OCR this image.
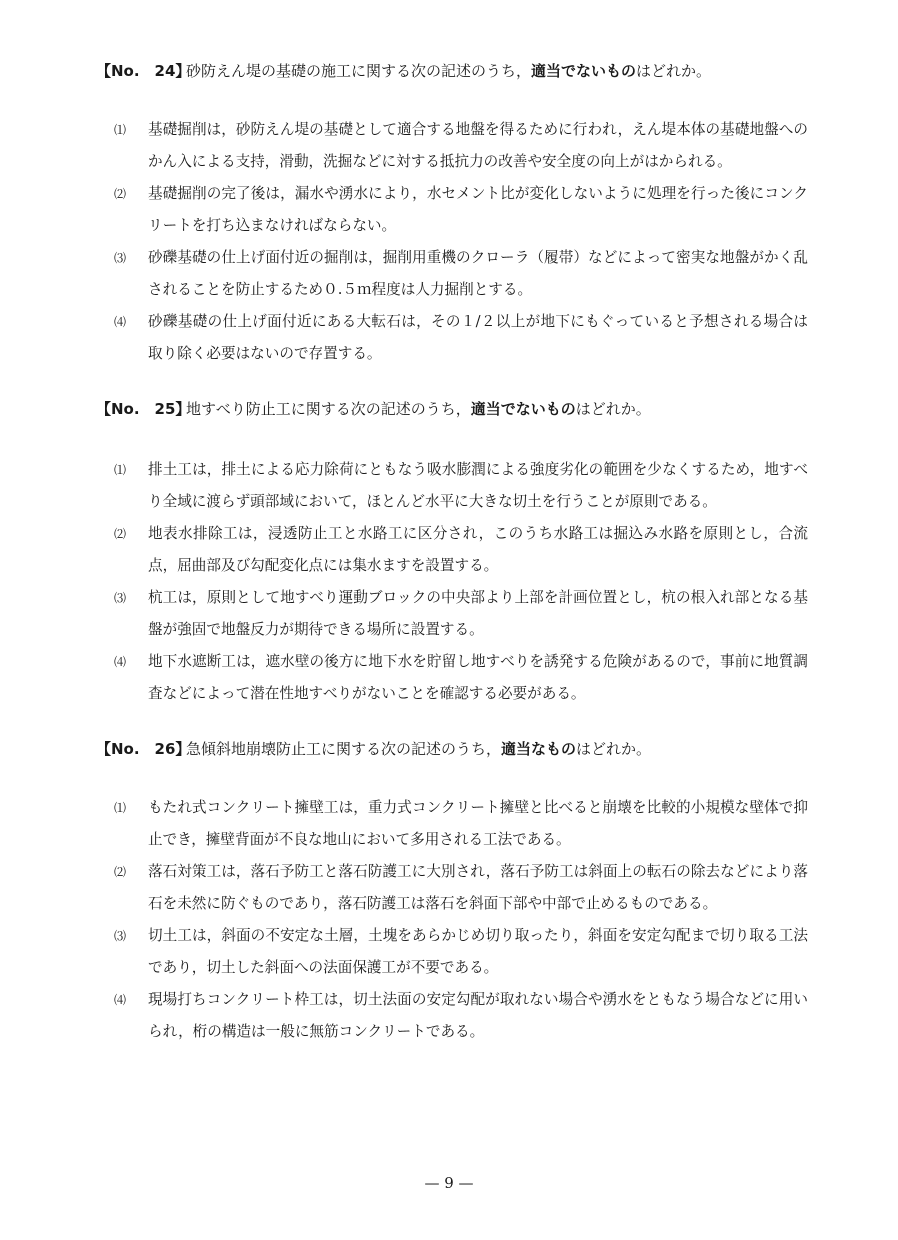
【No.　24】砂防えん堤の基礎の施工に関する次の記述のうち，適当でないものはどれか。
⑴	基礎掘削は，砂防えん堤の基礎として適合する地盤を得るために行われ，えん堤本体の基礎地盤へのかん入による支持，滑動，洗掘などに対する抵抗力の改善や安全度の向上がはかられる。
⑵	基礎掘削の完了後は，漏水や湧水により，水セメント比が変化しないように処理を行った後にコンクリートを打ち込まなければならない。
⑶	砂礫基礎の仕上げ面付近の掘削は，掘削用重機のクローラ（履帯）などによって密実な地盤がかく乱されることを防止するため０.５ｍ程度は人力掘削とする。
⑷	砂礫基礎の仕上げ面付近にある大転石は，その１/２以上が地下にもぐっていると予想される場合は取り除く必要はないので存置する。
【No.　25】地すべり防止工に関する次の記述のうち，適当でないものはどれか。
⑴	排土工は，排土による応力除荷にともなう吸水膨潤による強度劣化の範囲を少なくするため，地すべり全域に渡らず頭部域において，ほとんど水平に大きな切土を行うことが原則である。
⑵	地表水排除工は，浸透防止工と水路工に区分され，このうち水路工は掘込み水路を原則とし，合流点，屈曲部及び勾配変化点には集水ますを設置する。
⑶	杭工は，原則として地すべり運動ブロックの中央部より上部を計画位置とし，杭の根入れ部となる基盤が強固で地盤反力が期待できる場所に設置する。
⑷	地下水遮断工は，遮水壁の後方に地下水を貯留し地すべりを誘発する危険があるので，事前に地質調査などによって潜在性地すべりがないことを確認する必要がある。
【No.　26】急傾斜地崩壊防止工に関する次の記述のうち，適当なものはどれか。
⑴	もたれ式コンクリート擁壁工は，重力式コンクリート擁壁と比べると崩壊を比較的小規模な壁体で抑止でき，擁壁背面が不良な地山において多用される工法である。
⑵	落石対策工は，落石予防工と落石防護工に大別され，落石予防工は斜面上の転石の除去などにより落石を未然に防ぐものであり，落石防護工は落石を斜面下部や中部で止めるものである。
⑶	切土工は，斜面の不安定な土層，土塊をあらかじめ切り取ったり，斜面を安定勾配まで切り取る工法であり，切土した斜面への法面保護工が不要である。
⑷	現場打ちコンクリート枠工は，切土法面の安定勾配が取れない場合や湧水をともなう場合などに用いられ，桁の構造は一般に無筋コンクリートである。
— 9 —
